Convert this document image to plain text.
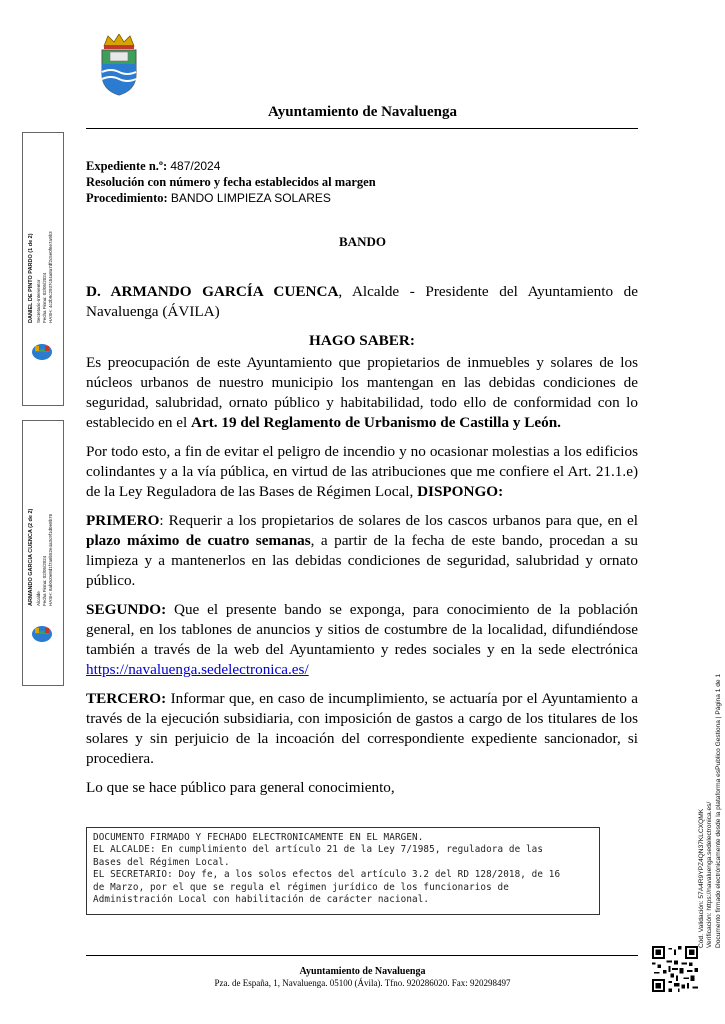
Ayuntamiento de Navaluenga
Expediente n.º: 487/2024
Resolución con número y fecha establecidos al margen
Procedimiento: BANDO LIMPIEZA SOLARES
BANDO

D. ARMANDO GARCÍA CUENCA, Alcalde - Presidente del Ayuntamiento de Navaluenga (ÁVILA)

HAGO SABER:

Es preocupación de este Ayuntamiento que propietarios de inmuebles y solares de los núcleos urbanos de nuestro municipio los mantengan en las debidas condiciones de seguridad, salubridad, ornato público y habitabilidad, todo ello de conformidad con lo establecido en el Art. 19 del Reglamento de Urbanismo de Castilla y León.

Por todo esto, a fin de evitar el peligro de incendio y no ocasionar molestias a los edificios colindantes y a la vía pública, en virtud de las atribuciones que me confiere el Art. 21.1.e) de la Ley Reguladora de las Bases de Régimen Local, DISPONGO:

PRIMERO: Requerir a los propietarios de solares de los cascos urbanos para que, en el plazo máximo de cuatro semanas, a partir de la fecha de este bando, procedan a su limpieza y a mantenerlos en las debidas condiciones de seguridad, salubridad y ornato público.

SEGUNDO: Que el presente bando se exponga, para conocimiento de la población general, en los tablones de anuncios y sitios de costumbre de la localidad, difundiéndose también a través de la web del Ayuntamiento y redes sociales y en la sede electrónica https://navaluenga.sedelectronica.es/

TERCERO: Informar que, en caso de incumplimiento, se actuaría por el Ayuntamiento a través de la ejecución subsidiaria, con imposición de gastos a cargo de los titulares de los solares y sin perjuicio de la incoación del correspondiente expediente sancionador, si procediera.

Lo que se hace público para general conocimiento,

DOCUMENTO FIRMADO Y FECHADO ELECTRONICAMENTE EN EL MARGEN.
EL ALCALDE: En cumplimiento del artículo 21 de la Ley 7/1985, reguladora de las
Bases del Régimen Local.
EL SECRETARIO: Doy fe, a los solos efectos del artículo 3.2 del RD 128/2018, de 16
de Marzo, por el que se regula el régimen jurídico de los funcionarios de
Administración Local con habilitación de carácter nacional.
Ayuntamiento de Navaluenga
Pza. de España, 1, Navaluenga. 05100 (Ávila). Tfno. 920286020. Fax: 920298497
DANIEL DE PINTO PARDO (1 de 2) Secretario-Interventor Fecha Firma: 02/05/2024 HASH: 4c2b9c2937c54a8a7df2c5e0f6e7a9b3
ARMANDO GARCIA CUENCA (2 de 2) Alcalde Fecha Firma: 02/05/2024 HASH: 8ab0c0e8d1f7a6b52e4a3c9f1d0e8b76
Cód. Validación: 57A4R9YPZ4QN37KLCXQMK Verificación: https://navaluenga.sedelectronica.es/ Documento firmado electrónicamente desde la plataforma esPublico Gestiona | Página 1 de 1
